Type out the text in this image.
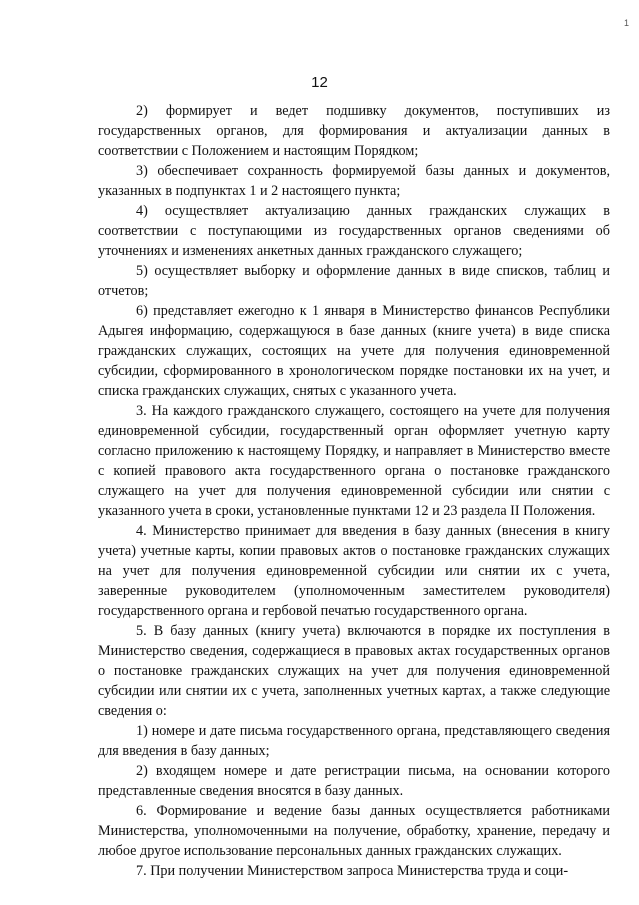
1
12

2) формирует и ведет подшивку документов, поступивших из государственных органов, для формирования и актуализации данных в соответствии с Положением и настоящим Порядком;

3) обеспечивает сохранность формируемой базы данных и документов, указанных в подпунктах 1 и 2 настоящего пункта;

4) осуществляет актуализацию данных гражданских служащих в соответствии с поступающими из государственных органов сведениями об уточнениях и изменениях анкетных данных гражданского служащего;

5) осуществляет выборку и оформление данных в виде списков, таблиц и отчетов;

6) представляет ежегодно к 1 января в Министерство финансов Республики Адыгея информацию, содержащуюся в базе данных (книге учета) в виде списка гражданских служащих, состоящих на учете для получения единовременной субсидии, сформированного в хронологическом порядке постановки их на учет, и списка гражданских служащих, снятых с указанного учета.

3. На каждого гражданского служащего, состоящего на учете для получения единовременной субсидии, государственный орган оформляет учетную карту согласно приложению к настоящему Порядку, и направляет в Министерство вместе с копией правового акта государственного органа о постановке гражданского служащего на учет для получения единовременной субсидии или снятии с указанного учета в сроки, установленные пунктами 12 и 23 раздела II Положения.

4. Министерство принимает для введения в базу данных (внесения в книгу учета) учетные карты, копии правовых актов о постановке гражданских служащих на учет для получения единовременной субсидии или снятии их с учета, заверенные руководителем (уполномоченным заместителем руководителя) государственного органа и гербовой печатью государственного органа.

5. В базу данных (книгу учета) включаются в порядке их поступления в Министерство сведения, содержащиеся в правовых актах государственных органов о постановке гражданских служащих на учет для получения единовременной субсидии или снятии их с учета, заполненных учетных картах, а также следующие сведения о:

1) номере и дате письма государственного органа, представляющего сведения для введения в базу данных;

2) входящем номере и дате регистрации письма, на основании которого представленные сведения вносятся в базу данных.

6. Формирование и ведение базы данных осуществляется работниками Министерства, уполномоченными на получение, обработку, хранение, передачу и любое другое использование персональных данных гражданских служащих.

7. При получении Министерством запроса Министерства труда и соци-
